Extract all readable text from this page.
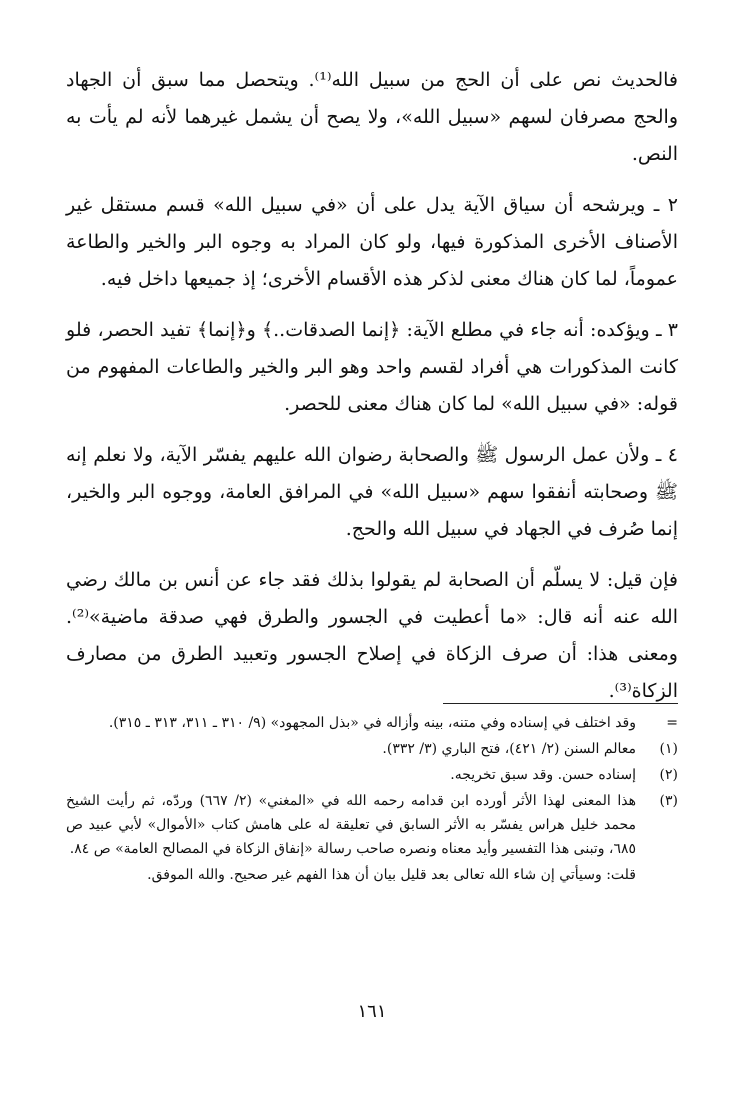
فالحديث نص على أن الحج من سبيل الله⁽¹⁾. ويتحصل مما سبق أن الجهاد والحج مصرفان لسهم «سبيل الله»، ولا يصح أن يشمل غيرهما لأنه لم يأت به النص.

٢ ـ ويرشحه أن سياق الآية يدل على أن «في سبيل الله» قسم مستقل غير الأصناف الأخرى المذكورة فيها، ولو كان المراد به وجوه البر والخير والطاعة عموماً، لما كان هناك معنى لذكر هذه الأقسام الأخرى؛ إذ جميعها داخل فيه.

٣ ـ ويؤكده: أنه جاء في مطلع الآية: ﴿إنما الصدقات..﴾ و﴿إنما﴾ تفيد الحصر، فلو كانت المذكورات هي أفراد لقسم واحد وهو البر والخير والطاعات المفهوم من قوله: «في سبيل الله» لما كان هناك معنى للحصر.

٤ ـ ولأن عمل الرسول ﷺ والصحابة رضوان الله عليهم يفسّر الآية، ولا نعلم إنه ﷺ وصحابته أنفقوا سهم «سبيل الله» في المرافق العامة، ووجوه البر والخير، إنما صُرف في الجهاد في سبيل الله والحج.

فإن قيل: لا يسلّم أن الصحابة لم يقولوا بذلك فقد جاء عن أنس بن مالك رضي الله عنه أنه قال: «ما أعطيت في الجسور والطرق فهي صدقة ماضية»⁽²⁾. ومعنى هذا: أن صرف الزكاة في إصلاح الجسور وتعبيد الطرق من مصارف الزكاة⁽³⁾.

=
وقد اختلف في إسناده وفي متنه، بينه وأزاله في «بذل المجهود» (٩/ ٣١٠ ـ ٣١١، ٣١٣ ـ ٣١٥).
(١)
معالم السنن (٢/ ٤٢١)، فتح الباري (٣/ ٣٣٢).
(٢)
إسناده حسن. وقد سبق تخريجه.
(٣)
هذا المعنى لهذا الأثر أورده ابن قدامه رحمه الله في «المغني» (٢/ ٦٦٧) وردّه، ثم رأيت الشيخ محمد خليل هراس يفسّر به الأثر السابق في تعليقة له على هامش كتاب «الأموال» لأبي عبيد ص ٦٨٥، وتبنى هذا التفسير وأيد معناه ونصره صاحب رسالة «إنفاق الزكاة في المصالح العامة» ص ٨٤.
قلت: وسيأتي إن شاء الله تعالى بعد قليل بيان أن هذا الفهم غير صحيح. والله الموفق.
١٦١
